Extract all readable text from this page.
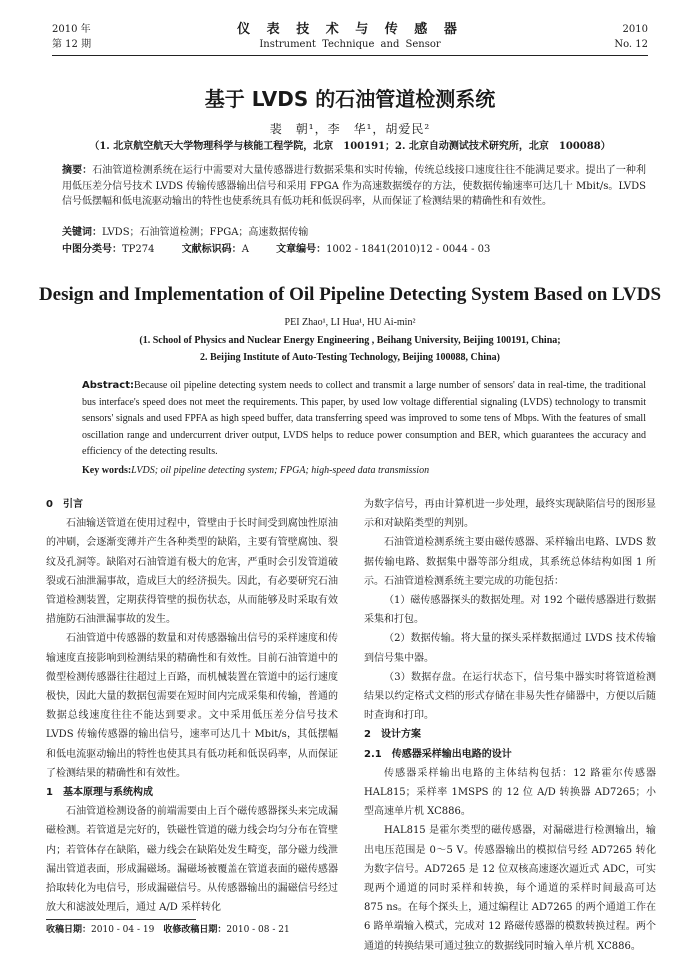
2010 年
第 12 期
仪 表 技 术 与 传 感 器
Instrument Technique and Sensor
2010
No. 12
基于 LVDS 的石油管道检测系统
裴　朝¹，李　华¹，胡爱民²
（1. 北京航空航天大学物理科学与核能工程学院，北京　100191；2. 北京自动测试技术研究所，北京　100088）
摘要：石油管道检测系统在运行中需要对大量传感器进行数据采集和实时传输，传统总线接口速度往往不能满足要求。提出了一种利用低压差分信号技术 LVDS 传输传感器输出信号和采用 FPGA 作为高速数据缓存的方法，使数据传输速率可达几十 Mbit/s。LVDS 信号低摆幅和低电流驱动输出的特性也使系统具有低功耗和低误码率，从而保证了检测结果的精确性和有效性。
关键词：LVDS；石油管道检测；FPGA；高速数据传输
中图分类号：TP274	文献标识码：A	文章编号：1002 - 1841(2010)12 - 0044 - 03
Design and Implementation of Oil Pipeline Detecting System Based on LVDS
PEI Zhao¹, LI Hua¹, HU Ai-min²
(1. School of Physics and Nuclear Energy Engineering , Beihang University, Beijing 100191, China;
2. Beijing Institute of Auto-Testing Technology, Beijing 100088, China)
Abstract:Because oil pipeline detecting system needs to collect and transmit a large number of sensors' data in real-time, the traditional bus interface's speed does not meet the requirements. This paper, by used low voltage differential signaling (LVDS) technology to transmit sensors' signals and used FPFA as high speed buffer, data transferring speed was improved to some tens of Mbps. With the features of small oscillation range and undercurrent driver output, LVDS helps to reduce power consumption and BER, which guarantees the accuracy and efficiency of the detecting results.
Key words:LVDS; oil pipeline detecting system; FPGA; high-speed data transmission
0　引言

石油输送管道在使用过程中，管壁由于长时间受到腐蚀性原油的冲刷，会逐渐变薄并产生各种类型的缺陷，主要有管壁腐蚀、裂纹及孔洞等。缺陷对石油管道有极大的危害，严重时会引发管道破裂或石油泄漏事故，造成巨大的经济损失。因此，有必要研究石油管道检测装置，定期获得管壁的损伤状态，从而能够及时采取有效措施防石油泄漏事故的发生。

石油管道中传感器的数量和对传感器输出信号的采样速度和传输速度直接影响到检测结果的精确性和有效性。目前石油管道中的微型检测传感器往往超过上百路，而机械装置在管道中的运行速度极快，因此大量的数据包需要在短时间内完成采集和传输，普通的数据总线速度往往不能达到要求。文中采用低压差分信号技术 LVDS 传输传感器的输出信号，速率可达几十 Mbit/s，其低摆幅和低电流驱动输出的特性也使其具有低功耗和低误码率，从而保证了检测结果的精确性和有效性。

1　基本原理与系统构成

石油管道检测设备的前端需要由上百个磁传感器探头来完成漏磁检测。若管道是完好的，铁磁性管道的磁力线会均匀分布在管壁内；若管体存在缺陷，磁力线会在缺陷处发生畸变，部分磁力线泄漏出管道表面，形成漏磁场。漏磁场被覆盖在管道表面的磁传感器拾取转化为电信号，形成漏磁信号。从传感器输出的漏磁信号经过放大和滤波处理后，通过 A/D 采样转化

为数字信号，再由计算机进一步处理，最终实现缺陷信号的图形显示和对缺陷类型的判别。

石油管道检测系统主要由磁传感器、采样输出电路、LVDS 数据传输电路、数据集中器等部分组成，其系统总体结构如图 1 所示。石油管道检测系统主要完成的功能包括：

（1）磁传感器探头的数据处理。对 192 个磁传感器进行数据采集和打包。

（2）数据传输。将大量的探头采样数据通过 LVDS 技术传输到信号集中器。

（3）数据存盘。在运行状态下，信号集中器实时将管道检测结果以约定格式文档的形式存储在非易失性存储器中，方便以后随时查询和打印。

2　设计方案
2.1　传感器采样输出电路的设计

传感器采样输出电路的主体结构包括：12 路霍尔传感器 HAL815；采样率 1MSPS 的 12 位 A/D 转换器 AD7265；小型高速单片机 XC886。

HAL815 是霍尔类型的磁传感器，对漏磁进行检测输出，输出电压范围是 0～5 V。传感器输出的模拟信号经 AD7265 转化为数字信号。AD7265 是 12 位双核高速逐次逼近式 ADC，可实现两个通道的同时采样和转换，每个通道的采样时间最高可达 875 ns。在每个探头上，通过编程让 AD7265 的两个通道工作在 6 路单端输入模式，完成对 12 路磁传感器的模数转换过程。两个通道的转换结果可通过独立的数据线同时输入单片机 XC886。

收稿日期：2010 - 04 - 19　 收修改稿日期：2010 - 08 - 21
